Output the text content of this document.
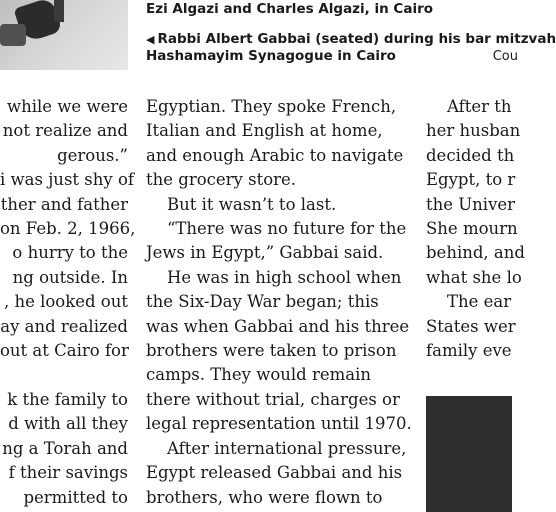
Ezi Algazi and Charles Algazi, in Cairo
◀ Rabbi Albert Gabbai (seated) during his bar mitzvah
Hashamayim Synagogue in Cairo	Cou

while we were

not realize and

gerous.”

i was just shy of

ther and father

on Feb. 2, 1966,

o hurry to the

ng outside. In

, he looked out

ay and realized

out at Cairo for

k the family to

d with all they

ng a Torah and

f their savings

permitted to

Egyptian. They spoke French,

Italian and English at home,

and enough Arabic to navigate

the grocery store.

But it wasn’t to last.

“There was no future for the

Jews in Egypt,” Gabbai said.

He was in high school when

the Six-Day War began; this

was when Gabbai and his three

brothers were taken to prison

camps. They would remain

there without trial, charges or

legal representation until 1970.

After international pressure,

Egypt released Gabbai and his

brothers, who were flown to

After th

her husban

decided th

Egypt, to r

the Univer

She mourn

behind, and

what she lo

The ear

States wer

family eve
